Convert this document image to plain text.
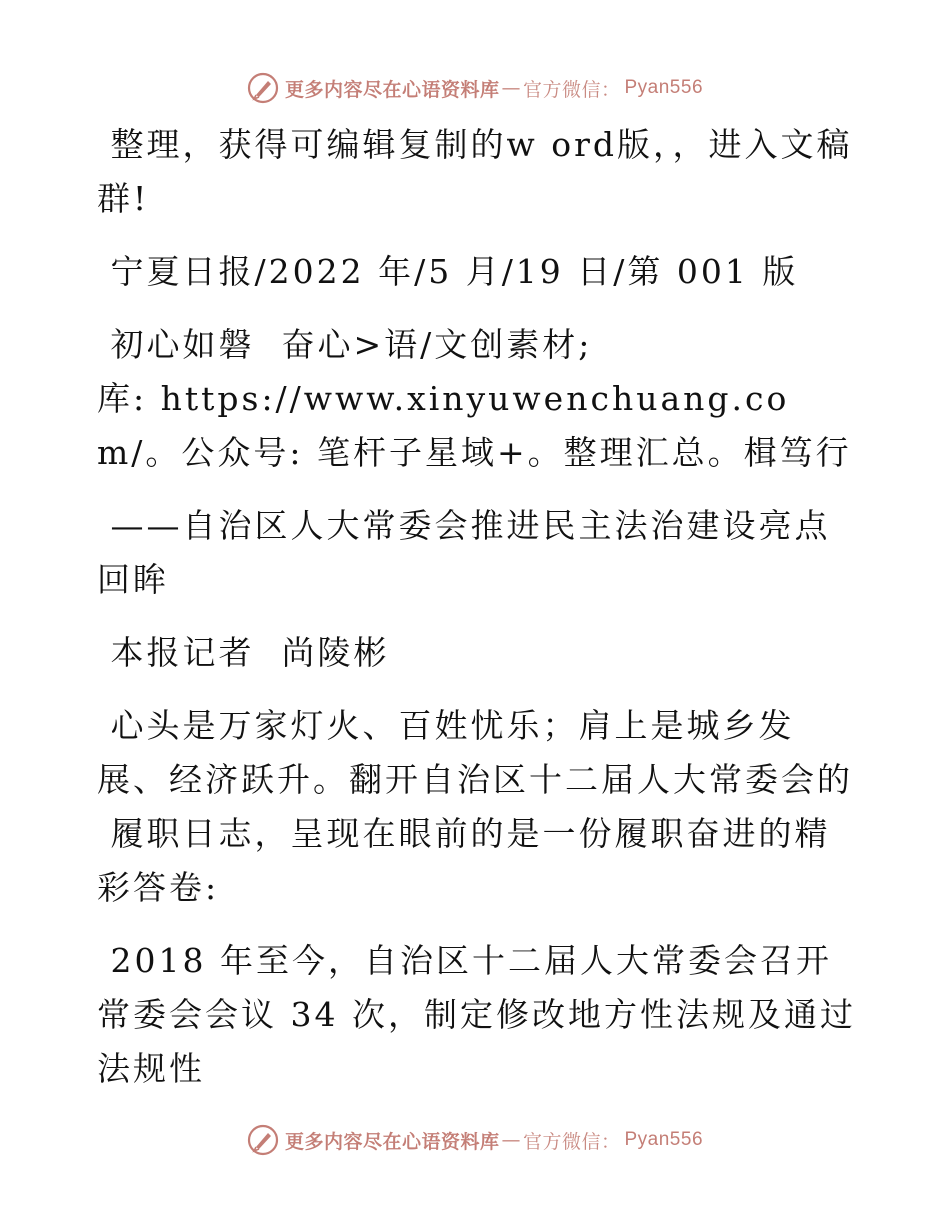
更多内容尽在心语资料库 — 官方微信： Pyan556

整理，获得可编辑复制的w ord版，，进入文稿群!

宁夏日报/2022 年/5 月/19 日/第 001 版

初心如磐  奋心>语/文创素材;

库: https://www.xinyuwenchuang.com/。公众号: 笔杆子星域+。整理汇总。楫笃行

——自治区人大常委会推进民主法治建设亮点回眸

本报记者  尚陵彬

心头是万家灯火、百姓忧乐；肩上是城乡发展、经济跃升。翻开自治区十二届人大常委会的

履职日志，呈现在眼前的是一份履职奋进的精彩答卷:

2018 年至今，自治区十二届人大常委会召开常委会会议 34 次，制定修改地方性法规及通过法规性

更多内容尽在心语资料库 — 官方微信： Pyan556
